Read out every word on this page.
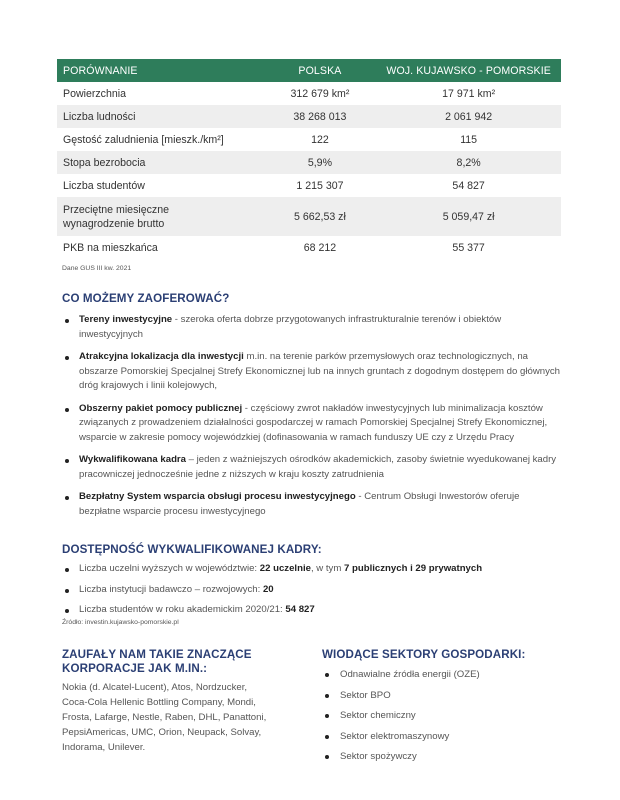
PORÓWNANIE	POLSKA	WOJ. KUJAWSKO - POMORSKIE
Powierzchnia	312 679 km²	17 971 km²
Liczba ludności	38 268 013	2 061 942
Gęstość zaludnienia [mieszk./km²]	122	115
Stopa bezrobocia	5,9%	8,2%
Liczba studentów	1 215 307	54 827
Przeciętne miesięczne
wynagrodzenie brutto	5 662,53 zł	5 059,47 zł
PKB na mieszkańca	68 212	55 377
Dane GUS III kw. 2021
CO MOŻEMY ZAOFEROWAĆ?
Tereny inwestycyjne - szeroka oferta dobrze przygotowanych infrastrukturalnie terenów i obiektów inwestycyjnych
Atrakcyjna lokalizacja dla inwestycji m.in. na terenie parków przemysłowych oraz technologicznych, na obszarze Pomorskiej Specjalnej Strefy Ekonomicznej lub na innych gruntach z dogodnym dostępem do głównych dróg krajowych i linii kolejowych,
Obszerny pakiet pomocy publicznej - częściowy zwrot nakładów inwestycyjnych lub minimalizacja kosztów związanych z prowadzeniem działalności gospodarczej w ramach Pomorskiej Specjalnej Strefy Ekonomicznej, wsparcie w zakresie pomocy wojewódzkiej (dofinasowania w ramach funduszy UE czy z Urzędu Pracy
Wykwalifikowana kadra – jeden z ważniejszych ośrodków akademickich, zasoby świetnie wyedukowanej kadry pracowniczej jednocześnie jedne z niższych w kraju koszty zatrudnienia
Bezpłatny System wsparcia obsługi procesu inwestycyjnego - Centrum Obsługi Inwestorów oferuje bezpłatne wsparcie procesu inwestycyjnego
DOSTĘPNOŚĆ WYKWALIFIKOWANEJ KADRY:
Liczba uczelni wyższych w województwie: 22 uczelnie, w tym 7 publicznych i 29 prywatnych
Liczba instytucji badawczo – rozwojowych: 20
Liczba studentów w roku akademickim 2020/21: 54 827
Źródło: investin.kujawsko-pomorskie.pl
ZAUFAŁY NAM TAKIE ZNACZĄCE
KORPORACJE JAK M.IN.:
Nokia (d. Alcatel-Lucent), Atos, Nordzucker,
Coca-Cola Hellenic Bottling Company, Mondi,
Frosta, Lafarge, Nestle, Raben, DHL, Panattoni,
PepsiAmericas, UMC, Orion, Neupack, Solvay,
Indorama, Unilever.
WIODĄCE SEKTORY GOSPODARKI:
Odnawialne źródła energii (OZE)
Sektor BPO
Sektor chemiczny
Sektor elektromaszynowy
Sektor spożywczy
